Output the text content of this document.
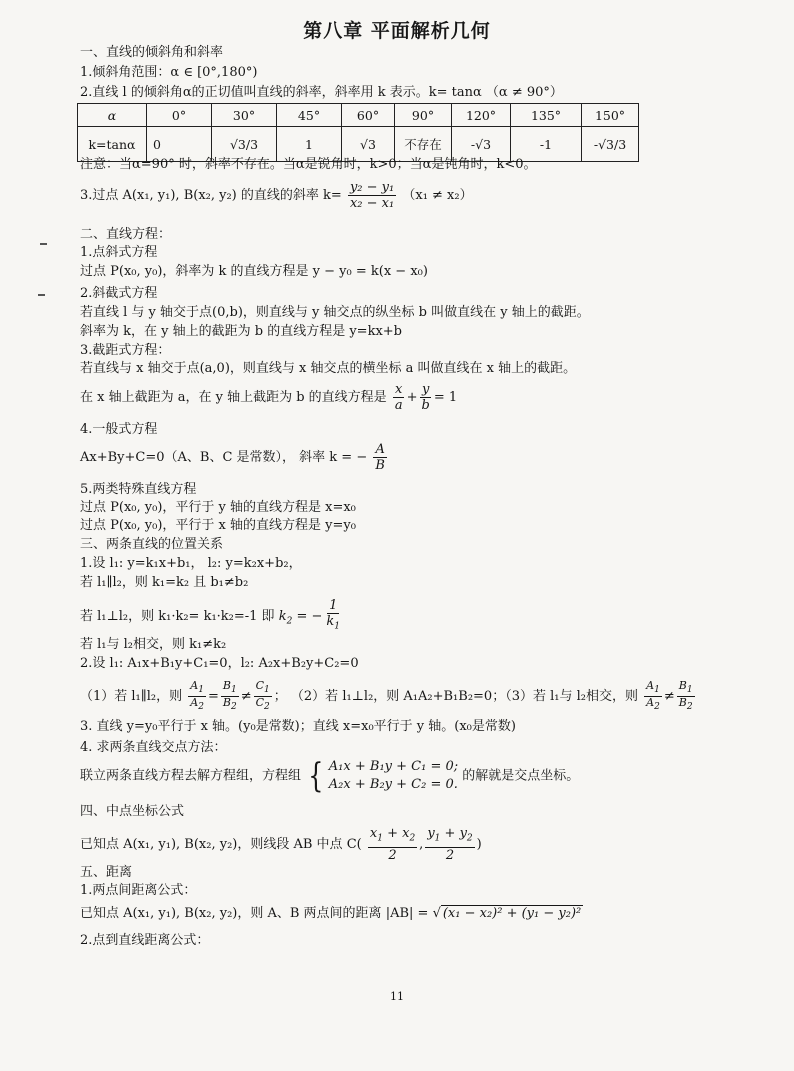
第八章 平面解析几何
一、直线的倾斜角和斜率
1.倾斜角范围：α ∈ [0°,180°)
2.直线 l 的倾斜角α的正切值叫直线的斜率，斜率用 k 表示。k= tanα （α ≠ 90°）
α	0°	30°	45°	60°	90°	120°	135°	150°
k=tanα	0	√3/3	1	√3	不存在	-√3	-1	-√3/3
注意：当α=90° 时，斜率不存在。当α是锐角时，k>0；当α是钝角时，k<0。
3.过点 A(x₁, y₁), B(x₂, y₂) 的直线的斜率 $k= \frac{\text{y₂ − y₁}}{\text{x₂ − x₁}} (x_1 \ne x_2)$
二、直线方程：
1.点斜式方程
过点 P(x₀, y₀)，斜率为 k 的直线方程是 y − y₀ = k(x − x₀)
2.斜截式方程
若直线 l 与 y 轴交于点(0,b)，则直线与 y 轴交点的纵坐标 b 叫做直线在 y 轴上的截距。
斜率为 k，在 y 轴上的截距为 b 的直线方程是 y=kx+b
3.截距式方程：
若直线与 x 轴交于点(a,0)，则直线与 x 轴交点的横坐标 a 叫做直线在 x 轴上的截距。
在 x 轴上截距为 a，在 y 轴上截距为 b 的直线方程是 $\frac{x}{a} + \frac{y}{b} = 1$
4.一般式方程
Ax+By+C=0（A、B、C 是常数）， 斜率 k = − $\frac{A}{B}$
5.两类特殊直线方程
过点 P(x₀, y₀)，平行于 y 轴的直线方程是 x=x₀
过点 P(x₀, y₀)，平行于 x 轴的直线方程是 y=y₀
三、两条直线的位置关系
1.设 l₁: y=k₁x+b₁， l₂: y=k₂x+b₂，
若 l₁∥l₂，则 k₁=k₂ 且 b₁≠b₂
若 l₁⊥l₂，则 k₁·k₂= k₁·k₂=-1 即 $k_2$ = − $\frac{1}{k_1}$
若 l₁与 l₂相交，则 k₁≠k₂
2.设 l₁: A₁x+B₁y+C₁=0，l₂: A₂x+B₂y+C₂=0
（1）若 l₁∥l₂，则 $\frac{A_1}{A_2} = \frac{B_1}{B_2} \ne \frac{C_1}{C_2}$ ； （2）若 l₁⊥l₂，则 A₁A₂+B₁B₂=0；（3）若 l₁与 l₂相交，则 $\frac{A_1}{A_2} \ne \frac{B_1}{B_2}$
3. 直线 y=y₀平行于 x 轴。(y₀是常数)；直线 x=x₀平行于 y 轴。(x₀是常数)
4. 求两条直线交点方法：
联立两条直线方程去解方程组，方程组 { A₁x + B₁y + C₁ = 0;
A₂x + B₂y + C₂ = 0.
的解就是交点坐标。
四、中点坐标公式
已知点 A(x₁, y₁), B(x₂, y₂)，则线段 AB 中点 $C( \frac{x_1 + x_2}{2}$ , $\frac{y_1 + y_2}{2}$ )
五、距离
1.两点间距离公式：
已知点 A(x₁, y₁), B(x₂, y₂)，则 A、B 两点间的距离 |AB| = √ (x₁ − x₂)² + (y₁ − y₂)²
2.点到直线距离公式：
11
